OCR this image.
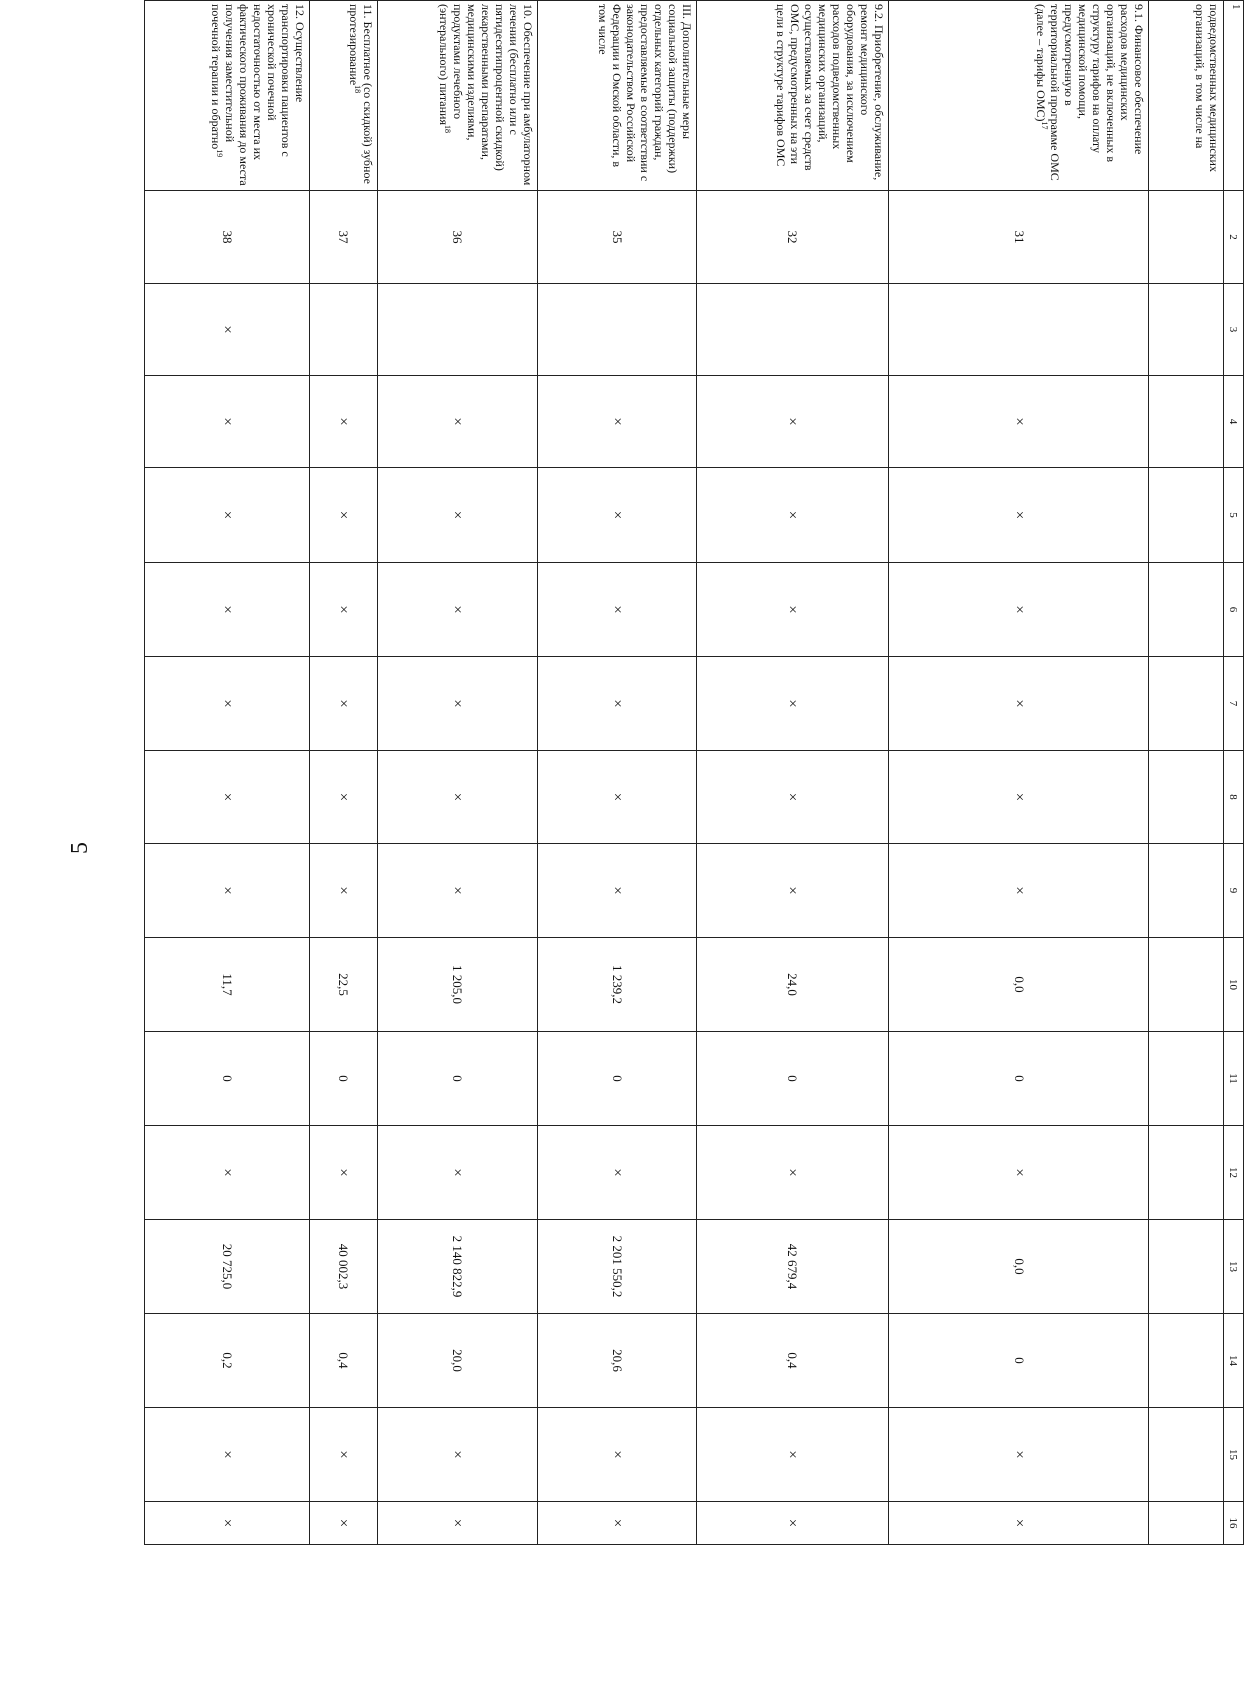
5
1	2	3	4	5	6	7	8	9	10	11	12	13	14	15	16
подведомственных медицинских организаций, в том числе на															
9.1. Финансовое обеспечение расходов медицинских организаций, не включенных в структуру тарифов на оплату медицинской помощи, предусмотренную в территориальной программе ОМС (далее – тарифы ОМС)$^{17}$	31		×	×	×	×	×	×	0,0	0	×	0,0	0	×	×
9.2. Приобретение, обслуживание, ремонт медицинского оборудования, за исключением расходов подведомственных медицинских организаций, осуществляемых за счет средств ОМС, предусмотренных на эти цели в структуре тарифов ОМС	32		×	×	×	×	×	×	24,0	0	×	42 679,4	0,4	×	×
III. Дополнительные меры социальной защиты (поддержки) отдельных категорий граждан, предоставляемые в соответствии с законодательством Российской Федерации и Омской области, в том числе	35		×	×	×	×	×	×	1 239,2	0	×	2 201 550,2	20,6	×	×
10. Обеспечение при амбулаторном лечении (бесплатно или с пятидесятипроцентной скидкой) лекарственными препаратами, медицинскими изделиями, продуктами лечебного (энтерального) питания$^{18}$	36		×	×	×	×	×	×	1 205,0	0	×	2 140 822,9	20,0	×	×
11. Бесплатное (со скидкой) зубное протезирование$^{18}$	37		×	×	×	×	×	×	22,5	0	×	40 002,3	0,4	×	×
12. Осуществление транспортировки пациентов с хронической почечной недостаточностью от места их фактического проживания до места получения заместительной почечной терапии и обратно$^{19}$	38	×	×	×	×	×	×	×	11,7	0	×	20 725,0	0,2	×	×
